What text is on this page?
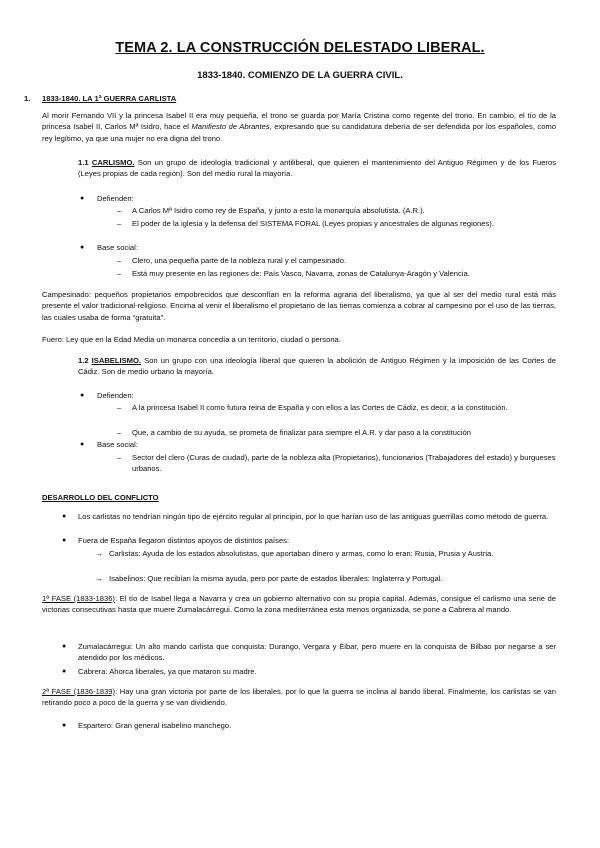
TEMA 2. LA CONSTRUCCIÓN DELESTADO LIBERAL.
1833-1840. COMIENZO DE LA GUERRA CIVIL.
1. 1833-1840. LA 1ª GUERRA CARLISTA
Al morir Fernando VII y la princesa Isabel II era muy pequeña, el trono se guarda por María Cristina como regente del trono. En cambio, el tío de la princesa Isabel II, Carlos Mª Isidro, hace el Manifiesto de Abrantes, expresando que su candidatura debería de ser defendida por los españoles, como rey legítimo, ya que una mujer no era digna del trono.
1.1 CARLISMO. Son un grupo de ideología tradicional y antiliberal, que quieren el mantenimiento del Antiguo Régimen y de los Fueros (Leyes propias de cada región). Son del medio rural la mayoría.
● Defienden:
– A Carlos Mª Isidro como rey de España, y junto a esto la monarquía absolutista. (A.R.).
– El poder de la iglesia y la defensa del SISTEMA FORAL (Leyes propias y ancestrales de algunas regiones).
● Base social:
– Clero, una pequeña parte de la nobleza rural y el campesinado.
– Está muy presente en las regiones de: País Vasco, Navarra, zonas de Catalunya-Aragón y Valencia.
Campesinado: pequeños propietarios empobrecidos que desconfían en la reforma agraria del liberalismo, ya que al ser del medio rural está más presente el valor tradicional-religioso. Encima al venir el liberalismo el propietario de las tierras comienza a cobrar al campesino por el uso de las tierras, las cuales usaba de forma “gratuita”.
Fuero: Ley que en la Edad Media un monarca concedía a un territorio, ciudad o persona.
1.2 ISABELISMO. Son un grupo con una ideología liberal que quieren la abolición de Antiguo Régimen y la imposición de las Cortes de Cádiz. Son de medio urbano la mayoría.
● Defienden:
– A la princesa Isabel II como futura reina de España y con ellos a las Cortes de Cádiz, es decir, a la constitución.
– Que, a cambio de su ayuda, se prometa de finalizar para siempre el A.R. y dar paso a la constitución
● Base social:
– Sector del clero (Curas de ciudad), parte de la nobleza alta (Propietarios), funcionarios (Trabajadores del estado) y burgueses urbanos.
DESARROLLO DEL CONFLICTO
● Los carlistas no tendrían ningún tipo de ejército regular al principio, por lo que harían uso de las antiguas guerrillas como método de guerra.
● Fuera de España llegaron distintos apoyos de distintos países:
→ Carlistas: Ayuda de los estados absolutistas, que aportaban dinero y armas, como lo eran: Rusia, Prusia y Austria.
→ Isabelinos: Que recibían la misma ayuda, pero por parte de estados liberales: Inglaterra y Portugal.
1ª FASE (1833-1836): El tío de Isabel llega a Navarra y crea un gobierno alternativo con su propia capital. Además, consigue el carlismo una serie de victorias consecutivas hasta que muere Zumalacárregui. Como la zona mediterránea esta menos organizada, se pone a Cabrera al mando.
● Zumalacárregui: Un alto mando carlista que conquista: Durango, Vergara y Éibar, pero muere en la conquista de Bilbao por negarse a ser atendido por los médicos.
● Cabrera: Ahorca liberales, ya que mataron su madre.
2ª FASE (1836-1839): Hay una gran victoria por parte de los liberales, por lo que la guerra se inclina al bando liberal. Finalmente, los carlistas se van retirando poco a poco de la guerra y se van dividiendo.
● Espartero: Gran general isabelino manchego.
